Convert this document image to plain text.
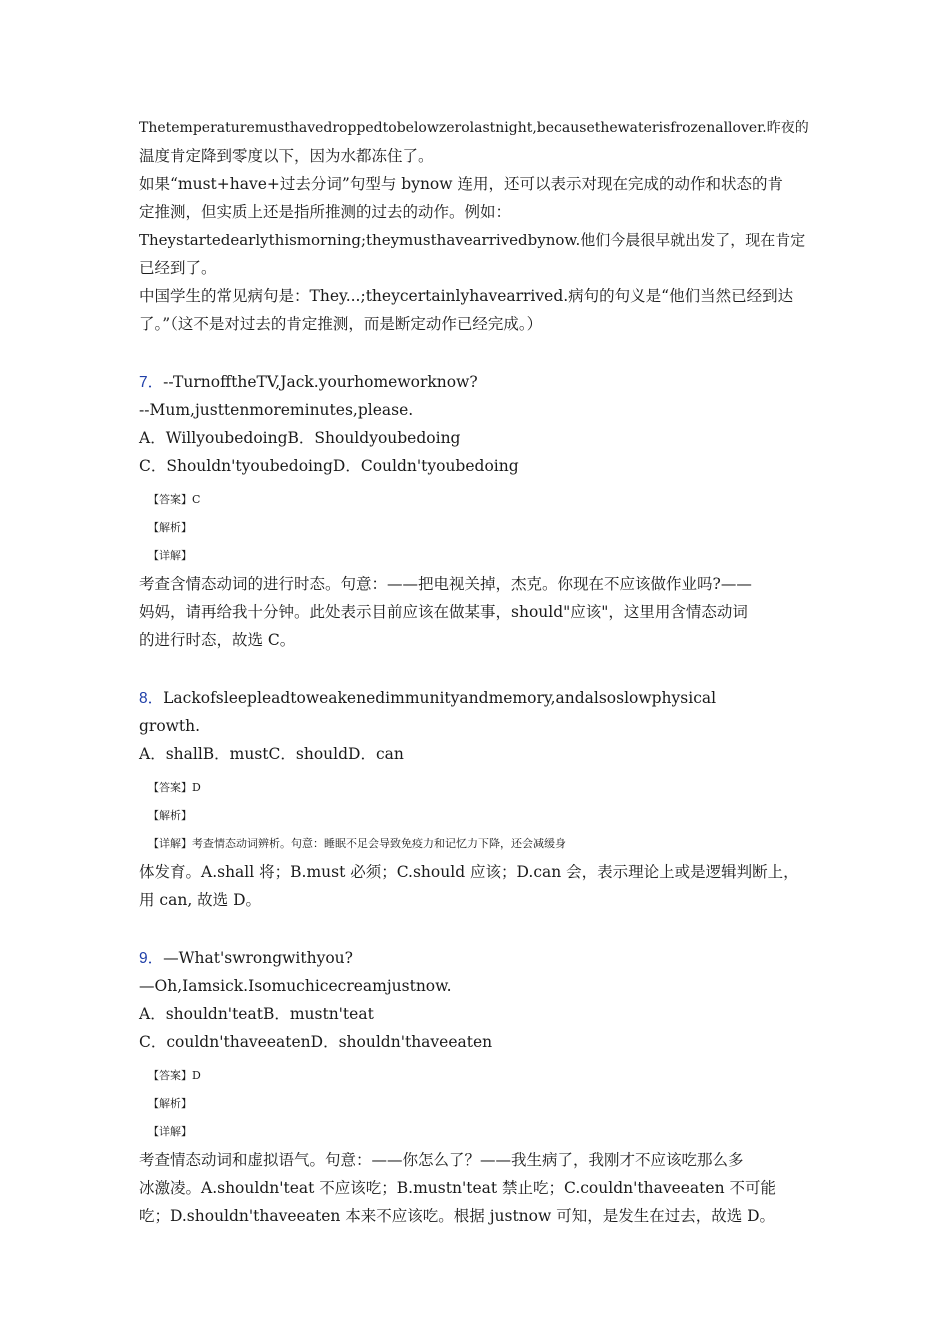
Thetemperaturemusthavedroppedtobelowzerolastnight,becausethewaterisfrozenallover.昨夜的
温度肯定降到零度以下，因为水都冻住了。
如果“must+have+过去分词”句型与 bynow 连用，还可以表示对现在完成的动作和状态的肯
定推测，但实质上还是指所推测的过去的动作。例如：
Theystartedearlythismorning;theymusthavearrivedbynow.他们今晨很早就出发了，现在肯定
已经到了。
中国学生的常见病句是：They...;theycertainlyhavearrived.病句的句义是“他们当然已经到达
了。”（这不是对过去的肯定推测，而是断定动作已经完成。）
7．--TurnofftheTV,Jack.yourhomeworknow?
--Mum,justtenmoreminutes,please.
A．WillyoubedoingB．Shouldyoubedoing
C．Shouldn'tyoubedoingD．Couldn'tyoubedoing
【答案】C
【解析】
【详解】
考查含情态动词的进行时态。句意：——把电视关掉，杰克。你现在不应该做作业吗?——
妈妈，请再给我十分钟。此处表示目前应该在做某事，should"应该"，这里用含情态动词
的进行时态，故选 C。
8．Lackofsleepleadtoweakenedimmunityandmemory,andalsoslowphysical
growth.
A．shallB．mustC．shouldD．can
【答案】D
【解析】
【详解】考查情态动词辨析。句意：睡眠不足会导致免疫力和记忆力下降，还会减缓身
体发育。A.shall 将；B.must 必须；C.should 应该；D.can 会，表示理论上或是逻辑判断上，
用 can, 故选 D。
9．—What'swrongwithyou?
—Oh,Iamsick.Isomuchicecreamjustnow.
A．shouldn'teatB．mustn'teat
C．couldn'thaveeatenD．shouldn'thaveeaten
【答案】D
【解析】
【详解】
考查情态动词和虚拟语气。句意：——你怎么了？——我生病了，我刚才不应该吃那么多
冰激凌。A.shouldn'teat 不应该吃；B.mustn'teat 禁止吃；C.couldn'thaveeaten 不可能
吃；D.shouldn'thaveeaten 本来不应该吃。根据 justnow 可知，是发生在过去，故选 D。
